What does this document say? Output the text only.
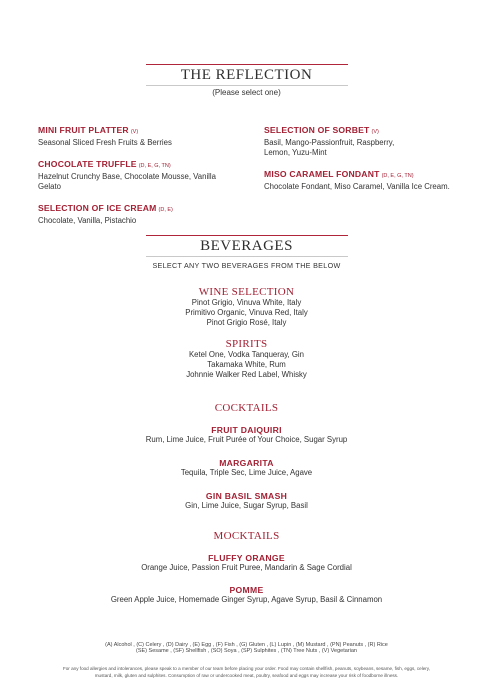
THE REFLECTION
(Please select one)
MINI FRUIT PLATTER (V)
Seasonal Sliced Fresh Fruits & Berries
CHOCOLATE TRUFFLE (D, E, G, TN)
Hazelnut Crunchy Base, Chocolate Mousse, Vanilla
Gelato
SELECTION OF ICE CREAM (D, E)
Chocolate, Vanilla, Pistachio
SELECTION OF SORBET (V)
Basil, Mango-Passionfruit, Raspberry,
Lemon, Yuzu-Mint
MISO CARAMEL FONDANT (D, E, G, TN)
Chocolate Fondant, Miso Caramel, Vanilla Ice Cream.
BEVERAGES
SELECT ANY TWO BEVERAGES FROM THE BELOW
WINE SELECTION
Pinot Grigio, Vinuva White, Italy
Primitivo Organic, Vinuva Red, Italy
Pinot Grigio Rosé, Italy
SPIRITS
Ketel One, Vodka Tanqueray, Gin
Takamaka White, Rum
Johnnie Walker Red Label, Whisky
COCKTAILS
FRUIT DAIQUIRI
Rum, Lime Juice, Fruit Purée of Your Choice, Sugar Syrup
MARGARITA
Tequila, Triple Sec, Lime Juice, Agave
GIN BASIL SMASH
Gin, Lime Juice, Sugar Syrup, Basil
MOCKTAILS
FLUFFY ORANGE
Orange Juice, Passion Fruit Puree, Mandarin & Sage Cordial
POMME
Green Apple Juice, Homemade Ginger Syrup, Agave Syrup, Basil & Cinnamon
(A) Alcohol , (C) Celery , (D) Dairy , (E) Egg , (F) Fish , (G) Gluten , (L) Lupin , (M) Mustard , (PN) Peanuts , (R) Rice
(SE) Sesame , (SF) Shellfish , (SO) Soya , (SP) Sulphites , (TN) Tree Nuts , (V) Vegetarian
For any food allergies and intolerances, please speak to a member of our team before placing your order. Food may contain shellfish, peanuts, soybeans, sesame, fish, eggs, celery,
mustard, milk, gluten and sulphites. Consumption of raw or undercooked meat, poultry, seafood and eggs may increase your risk of foodborne illness.
